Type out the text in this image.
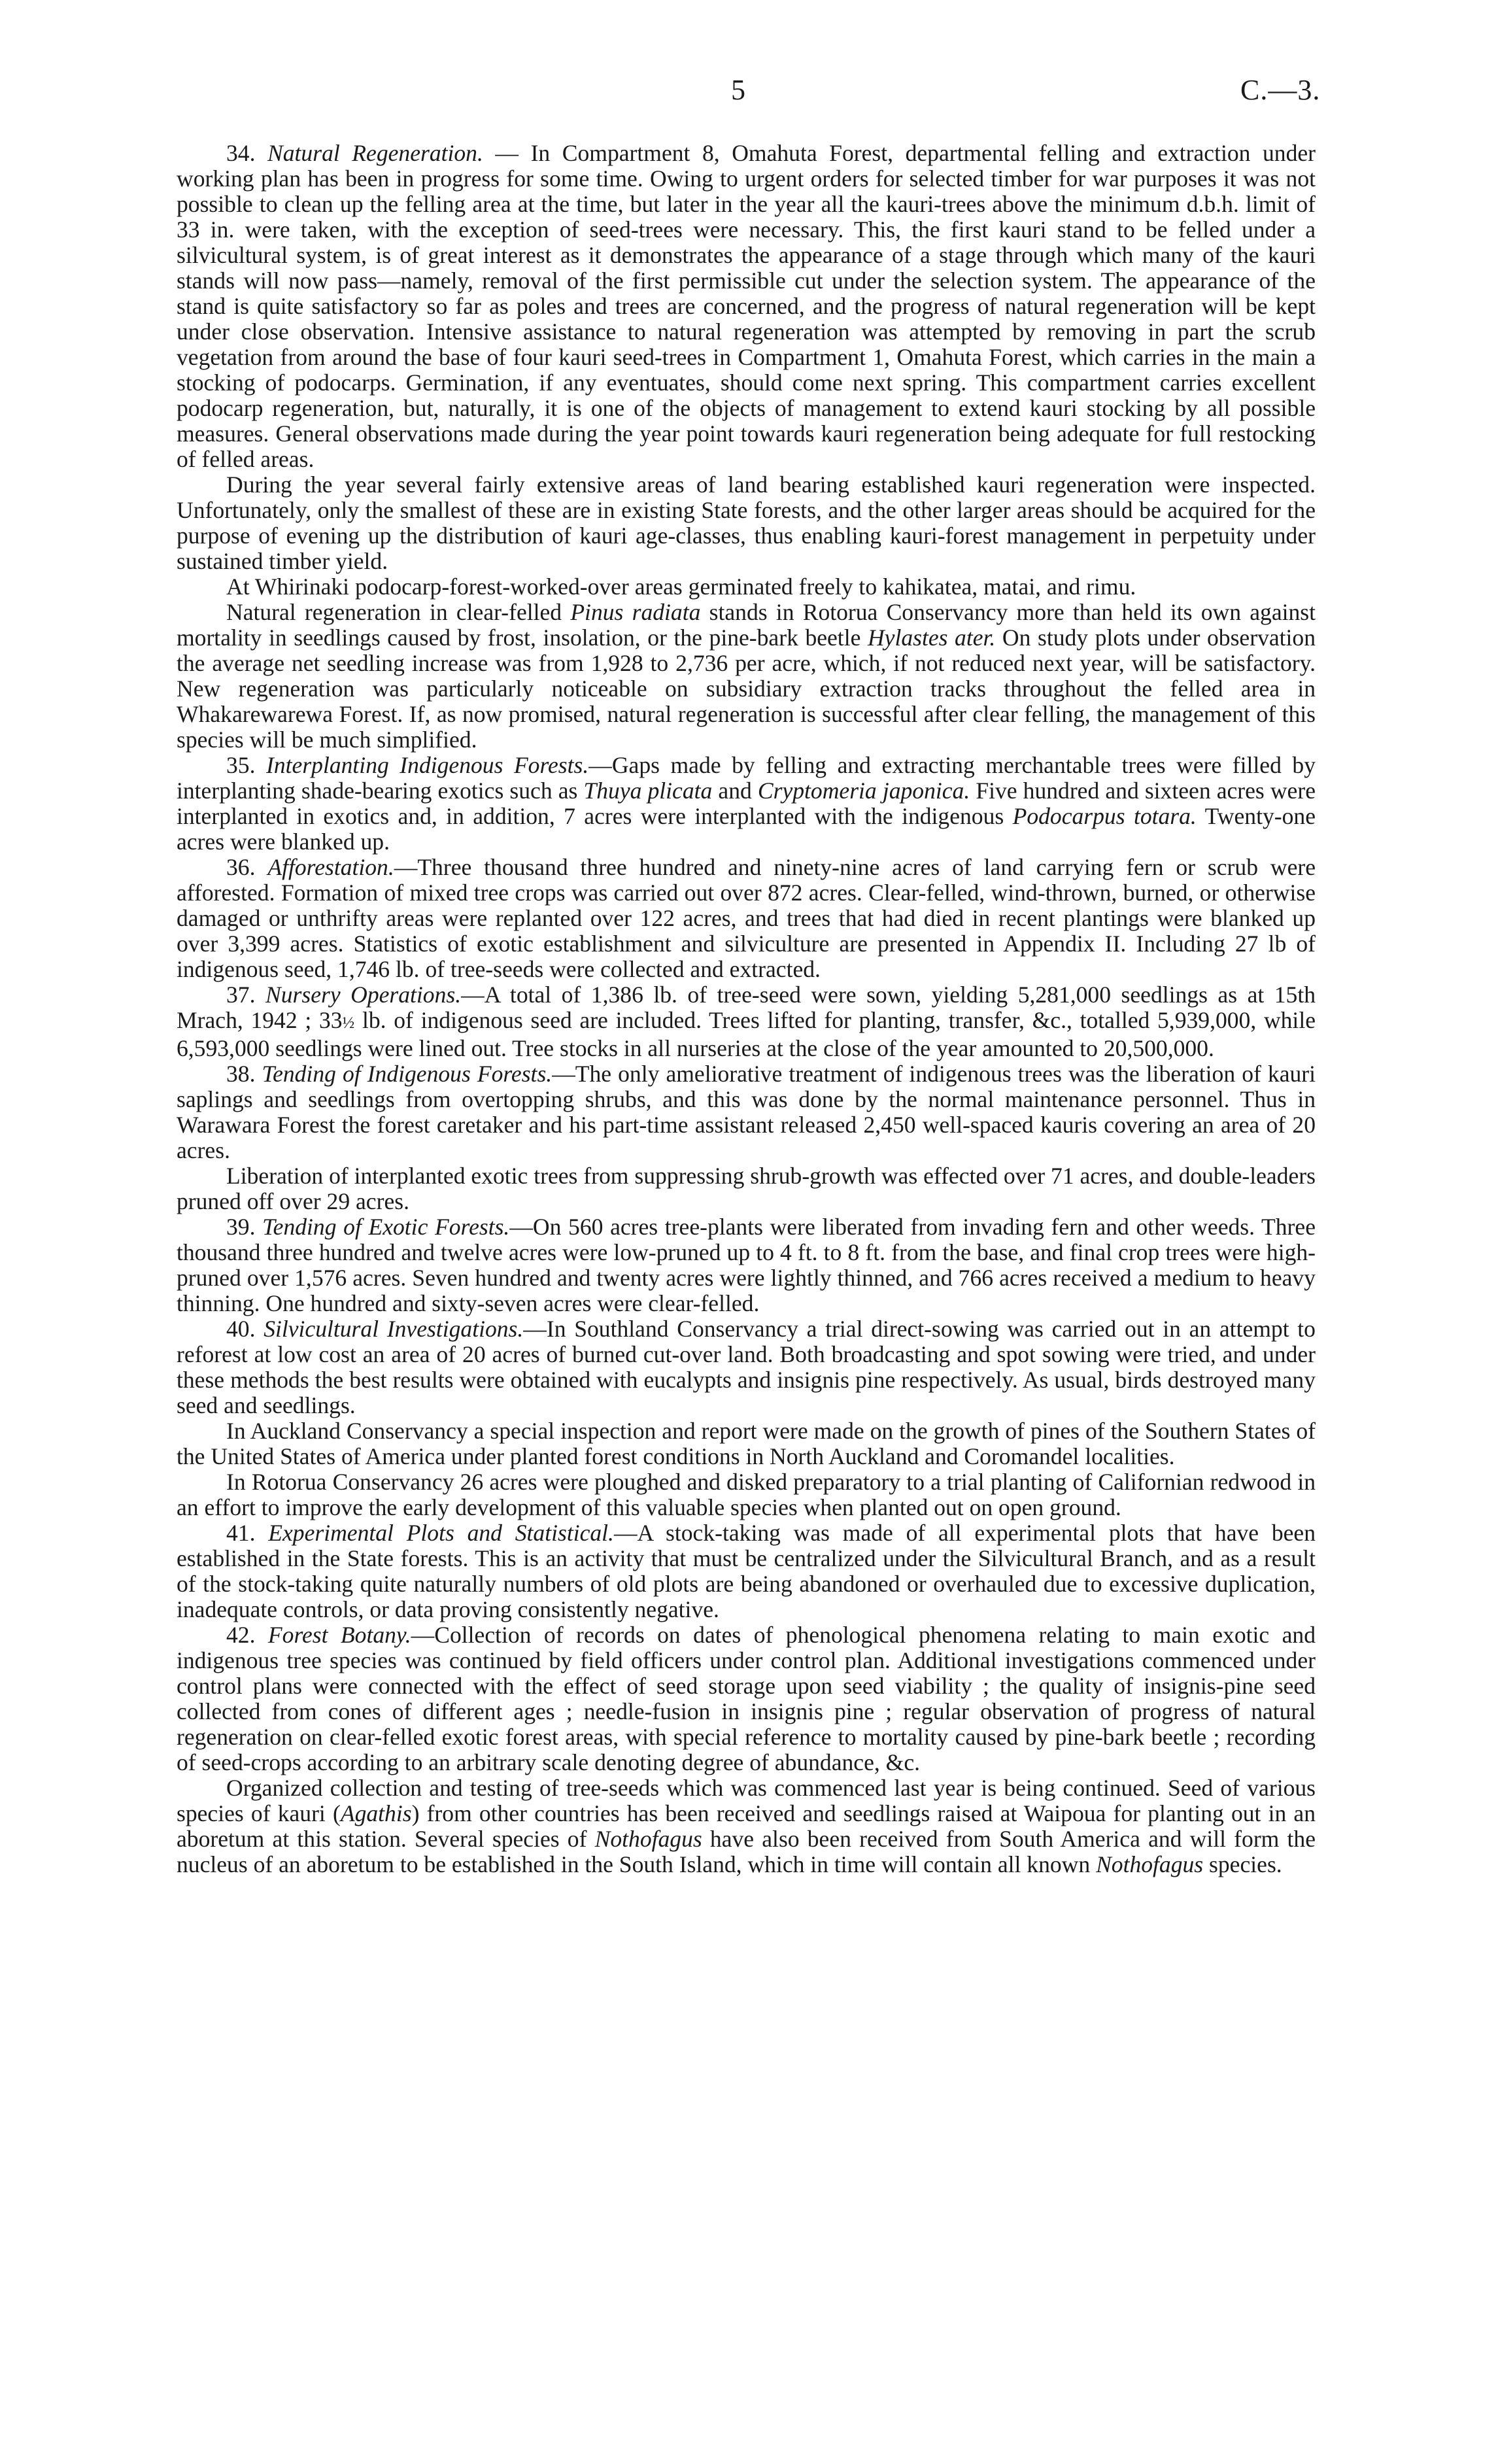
5	C.—3.

34. Natural Regeneration. — In Compartment 8, Omahuta Forest, departmental felling and extraction under working plan has been in progress for some time. Owing to urgent orders for selected timber for war purposes it was not possible to clean up the felling area at the time, but later in the year all the kauri-trees above the minimum d.b.h. limit of 33 in. were taken, with the exception of seed-trees were necessary. This, the first kauri stand to be felled under a silvicultural system, is of great interest as it demonstrates the appearance of a stage through which many of the kauri stands will now pass—namely, removal of the first permissible cut under the selection system. The appearance of the stand is quite satisfactory so far as poles and trees are concerned, and the progress of natural regeneration will be kept under close observation. Intensive assistance to natural regeneration was attempted by removing in part the scrub vegetation from around the base of four kauri seed-trees in Compartment 1, Omahuta Forest, which carries in the main a stocking of podocarps. Germination, if any eventuates, should come next spring. This compartment carries excellent podocarp regeneration, but, naturally, it is one of the objects of management to extend kauri stocking by all possible measures. General observations made during the year point towards kauri regeneration being adequate for full restocking of felled areas.

During the year several fairly extensive areas of land bearing established kauri regeneration were inspected. Unfortunately, only the smallest of these are in existing State forests, and the other larger areas should be acquired for the purpose of evening up the distribution of kauri age-classes, thus enabling kauri-forest management in perpetuity under sustained timber yield.

At Whirinaki podocarp-forest-worked-over areas germinated freely to kahikatea, matai, and rimu.

Natural regeneration in clear-felled Pinus radiata stands in Rotorua Conservancy more than held its own against mortality in seedlings caused by frost, insolation, or the pine-bark beetle Hylastes ater. On study plots under observation the average net seedling increase was from 1,928 to 2,736 per acre, which, if not reduced next year, will be satisfactory. New regeneration was particularly noticeable on subsidiary extraction tracks throughout the felled area in Whakarewarewa Forest. If, as now promised, natural regeneration is successful after clear felling, the management of this species will be much simplified.

35. Interplanting Indigenous Forests.—Gaps made by felling and extracting merchantable trees were filled by interplanting shade-bearing exotics such as Thuya plicata and Cryptomeria japonica. Five hundred and sixteen acres were interplanted in exotics and, in addition, 7 acres were interplanted with the indigenous Podocarpus totara. Twenty-one acres were blanked up.

36. Afforestation.—Three thousand three hundred and ninety-nine acres of land carrying fern or scrub were afforested. Formation of mixed tree crops was carried out over 872 acres. Clear-felled, wind-thrown, burned, or otherwise damaged or unthrifty areas were replanted over 122 acres, and trees that had died in recent plantings were blanked up over 3,399 acres. Statistics of exotic establishment and silviculture are presented in Appendix II. Including 27 lb of indigenous seed, 1,746 lb. of tree-seeds were collected and extracted.

37. Nursery Operations.—A total of 1,386 lb. of tree-seed were sown, yielding 5,281,000 seedlings as at 15th Mrach, 1942 ; 33½ lb. of indigenous seed are included. Trees lifted for planting, transfer, &c., totalled 5,939,000, while 6,593,000 seedlings were lined out. Tree stocks in all nurseries at the close of the year amounted to 20,500,000.

38. Tending of Indigenous Forests.—The only ameliorative treatment of indigenous trees was the liberation of kauri saplings and seedlings from overtopping shrubs, and this was done by the normal maintenance personnel. Thus in Warawara Forest the forest caretaker and his part-time assistant released 2,450 well-spaced kauris covering an area of 20 acres.

Liberation of interplanted exotic trees from suppressing shrub-growth was effected over 71 acres, and double-leaders pruned off over 29 acres.

39. Tending of Exotic Forests.—On 560 acres tree-plants were liberated from invading fern and other weeds. Three thousand three hundred and twelve acres were low-pruned up to 4 ft. to 8 ft. from the base, and final crop trees were high-pruned over 1,576 acres. Seven hundred and twenty acres were lightly thinned, and 766 acres received a medium to heavy thinning. One hundred and sixty-seven acres were clear-felled.

40. Silvicultural Investigations.—In Southland Conservancy a trial direct-sowing was carried out in an attempt to reforest at low cost an area of 20 acres of burned cut-over land. Both broadcasting and spot sowing were tried, and under these methods the best results were obtained with eucalypts and insignis pine respectively. As usual, birds destroyed many seed and seedlings.

In Auckland Conservancy a special inspection and report were made on the growth of pines of the Southern States of the United States of America under planted forest conditions in North Auckland and Coromandel localities.

In Rotorua Conservancy 26 acres were ploughed and disked preparatory to a trial planting of Californian redwood in an effort to improve the early development of this valuable species when planted out on open ground.

41. Experimental Plots and Statistical.—A stock-taking was made of all experimental plots that have been established in the State forests. This is an activity that must be centralized under the Silvicultural Branch, and as a result of the stock-taking quite naturally numbers of old plots are being abandoned or overhauled due to excessive duplication, inadequate controls, or data proving consistently negative.

42. Forest Botany.—Collection of records on dates of phenological phenomena relating to main exotic and indigenous tree species was continued by field officers under control plan. Additional investigations commenced under control plans were connected with the effect of seed storage upon seed viability ; the quality of insignis-pine seed collected from cones of different ages ; needle-fusion in insignis pine ; regular observation of progress of natural regeneration on clear-felled exotic forest areas, with special reference to mortality caused by pine-bark beetle ; recording of seed-crops according to an arbitrary scale denoting degree of abundance, &c.

Organized collection and testing of tree-seeds which was commenced last year is being continued. Seed of various species of kauri (Agathis) from other countries has been received and seedlings raised at Waipoua for planting out in an aboretum at this station. Several species of Nothofagus have also been received from South America and will form the nucleus of an aboretum to be established in the South Island, which in time will contain all known Nothofagus species.
